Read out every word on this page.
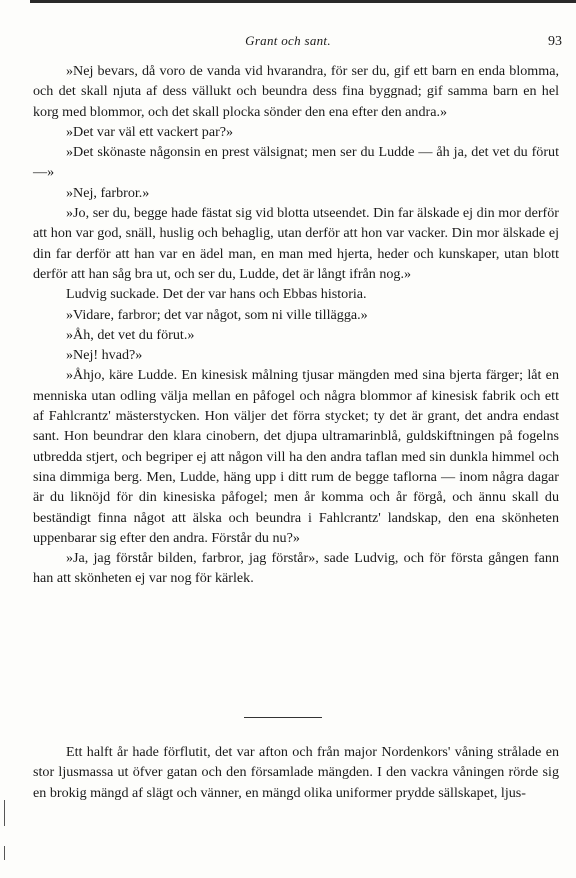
Grant och sant.	93

»Nej bevars, då voro de vanda vid hvarandra, för ser du, gif ett barn en enda blomma, och det skall njuta af dess vällukt och beundra dess fina byggnad; gif samma barn en hel korg med blommor, och det skall plocka sönder den ena efter den andra.»

»Det var väl ett vackert par?»

»Det skönaste någonsin en prest välsignat; men ser du Ludde — åh ja, det vet du förut —»

»Nej, farbror.»

»Jo, ser du, begge hade fästat sig vid blotta utseendet. Din far älskade ej din mor derför att hon var god, snäll, huslig och behaglig, utan derför att hon var vacker. Din mor älskade ej din far derför att han var en ädel man, en man med hjerta, heder och kunskaper, utan blott derför att han såg bra ut, och ser du, Ludde, det är långt ifrån nog.»

Ludvig suckade. Det der var hans och Ebbas historia.

»Vidare, farbror; det var något, som ni ville tillägga.»

»Åh, det vet du förut.»

»Nej! hvad?»

»Åhjo, käre Ludde. En kinesisk målning tjusar mängden med sina bjerta färger; låt en menniska utan odling välja mellan en påfogel och några blommor af kinesisk fabrik och ett af Fahlcrantz' mästerstycken. Hon väljer det förra stycket; ty det är grant, det andra endast sant. Hon beundrar den klara cinobern, det djupa ultramarinblå, guldskiftningen på fogelns utbredda stjert, och begriper ej att någon vill ha den andra taflan med sin dunkla himmel och sina dimmiga berg. Men, Ludde, häng upp i ditt rum de begge taflorna — inom några dagar är du liknöjd för din kinesiska påfogel; men år komma och år förgå, och ännu skall du beständigt finna något att älska och beundra i Fahlcrantz' landskap, den ena skönheten uppenbarar sig efter den andra. Förstår du nu?»

»Ja, jag förstår bilden, farbror, jag förstår», sade Ludvig, och för första gången fann han att skönheten ej var nog för kärlek.

Ett halft år hade förflutit, det var afton och från major Nordenkors' våning strålade en stor ljusmassa ut öfver gatan och den församlade mängden. I den vackra våningen rörde sig en brokig mängd af slägt och vänner, en mängd olika uniformer prydde sällskapet, ljus-
